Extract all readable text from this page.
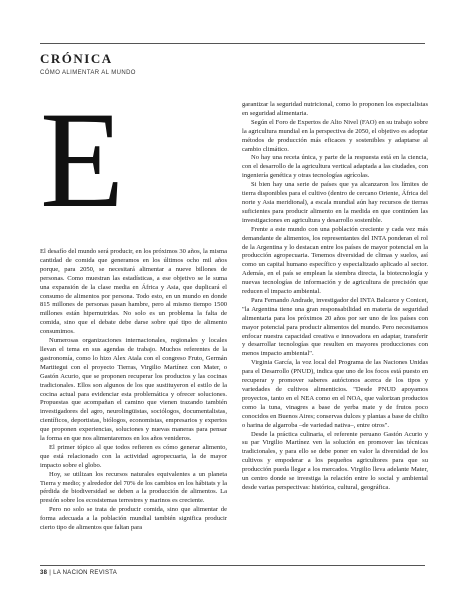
CRÓNICA
CÓMO ALIMENTAR AL MUNDO
E

El desafío del mundo será producir, en los próximos 30 años, la misma cantidad de comida que generamos en los últimos ocho mil años porque, para 2050, se necesitará alimentar a nueve billones de personas. Como muestran las estadísticas, a ese objetivo se le suma una expansión de la clase media en África y Asia, que duplicará el consumo de alimentos por persona. Todo esto, en un mundo en donde 815 millones de personas pasan hambre, pero al mismo tiempo 1500 millones están hipernutridas. No solo es un problema la falta de comida, sino que el debate debe darse sobre qué tipo de alimento consumimos.

Numerosas organizaciones internacionales, regionales y locales llevan el tema en sus agendas de trabajo. Muchos referentes de la gastronomía, como lo hizo Alex Atala con el congreso Fruto, Germán Martitegui con el proyecto Tierras, Virgilio Martínez con Mater, o Gastón Acurio, que se proponen recuperar los productos y las cocinas tradicionales. Ellos son algunos de los que sustituyeron el estilo de la cocina actual para evidenciar esta problemática y ofrecer soluciones. Propuestas que acompañan el camino que vienen trazando también investigadores del agro, neurolingüistas, sociólogos, documentalistas, científicos, deportistas, biólogos, economistas, empresarios y expertos que proponen experiencias, soluciones y nuevas maneras para pensar la forma en que nos alimentaremos en los años venideros.

El primer tópico al que todos refieren es cómo generar alimento, que está relacionado con la actividad agropecuaria, la de mayor impacto sobre el globo.

Hoy, se utilizan los recursos naturales equivalentes a un planeta Tierra y medio; y alrededor del 70% de los cambios en los hábitats y la pérdida de biodiversidad se deben a la producción de alimentos. La presión sobre los ecosistemas terrestres y marinos es creciente.

Pero no solo se trata de producir comida, sino que alimentar de forma adecuada a la población mundial también significa producir cierto tipo de alimentos que faltan para

garantizar la seguridad nutricional, como lo proponen los especialistas en seguridad alimentaria.

Según el Foro de Expertos de Alto Nivel (FAO) en su trabajo sobre la agricultura mundial en la perspectiva de 2050, el objetivo es adoptar métodos de producción más eficaces y sostenibles y adaptarse al cambio climático.

No hay una receta única, y parte de la respuesta está en la ciencia, con el desarrollo de la agricultura vertical adaptada a las ciudades, con ingeniería genética y otras tecnologías agrícolas.

Si bien hay una serie de países que ya alcanzaron los límites de tierra disponibles para el cultivo (dentro de cercano Oriente, África del norte y Asia meridional), a escala mundial aún hay recursos de tierras suficientes para producir alimento en la medida en que continúen las investigaciones en agricultura y desarrollo sostenible.

Frente a este mundo con una población creciente y cada vez más demandante de alimentos, los representantes del INTA ponderan el rol de la Argentina y lo destacan entre los países de mayor potencial en la producción agropecuaria. Tenemos diversidad de climas y suelos, así como un capital humano específico y especializado aplicado al sector. Además, en el país se emplean la siembra directa, la biotecnología y nuevas tecnologías de información y de agricultura de precisión que reducen el impacto ambiental.

Para Fernando Andrade, investigador del INTA Balcarce y Conicet, "la Argentina tiene una gran responsabilidad en materia de seguridad alimentaria para los próximos 20 años por ser uno de los países con mayor potencial para producir alimentos del mundo. Pero necesitamos enfocar nuestra capacidad creativa e innovadora en adaptar, transferir y desarrollar tecnologías que resulten en mayores producciones con menos impacto ambiental".

Virginia García, la voz local del Programa de las Naciones Unidas para el Desarrollo (PNUD), indica que uno de los focos está puesto en recuperar y promover saberes autóctonos acerca de los tipos y variedades de cultivos alimenticios. "Desde PNUD apoyamos proyectos, tanto en el NEA como en el NOA, que valorizan productos como la tuna, vinagres a base de yerba mate y de frutos poco conocidos en Buenos Aires; conservas dulces y plantas a base de chilto o harina de algarroba –de variedad nativa–, entre otros".

Desde la práctica culinaria, el referente peruano Gastón Acurio y su par Virgilio Martínez ven la solución en promover las técnicas tradicionales, y para ello se debe poner en valor la diversidad de los cultivos y empoderar a los pequeños agricultores para que su producción pueda llegar a los mercados. Virgilio lleva adelante Mater, un centro donde se investiga la relación entre lo social y ambiental desde varias perspectivas: histórica, cultural, geográfica.

38 | LA NACION REVISTA
